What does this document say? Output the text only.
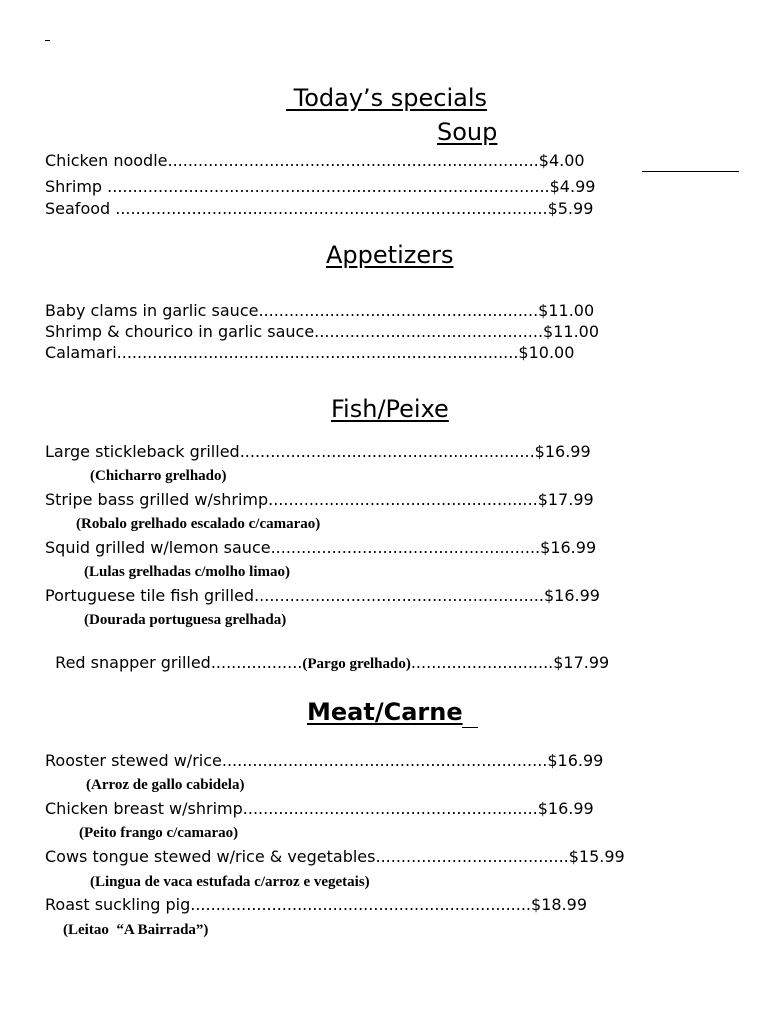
Today’s specials
Soup
Chicken noodle.........................................................................$4.00
Shrimp .......................................................................................$4.99
Seafood .....................................................................................$5.99
Appetizers
Baby clams in garlic sauce.......................................................$11.00
Shrimp & chourico in garlic sauce.............................................$11.00
Calamari...............................................................................$10.00
Fish/Peixe
Large stickleback grilled..........................................................$16.99
(Chicharro grelhado)
Stripe bass grilled w/shrimp.....................................................$17.99
(Robalo grelhado escalado c/camarao)
Squid grilled w/lemon sauce.....................................................$16.99
(Lulas grelhadas c/molho limao)
Portuguese tile fish grilled.........................................................$16.99
(Dourada portuguesa grelhada)

Red snapper grilled..................(Pargo grelhado)............................$17.99

Meat/Carne
Rooster stewed w/rice................................................................$16.99
(Arroz de gallo cabidela)
Chicken breast w/shrimp..........................................................$16.99
(Peito frango c/camarao)
Cows tongue stewed w/rice & vegetables......................................$15.99
(Lingua de vaca estufada c/arroz e vegetais)
Roast suckling pig...................................................................$18.99
(Leitao  “A Bairrada”)
